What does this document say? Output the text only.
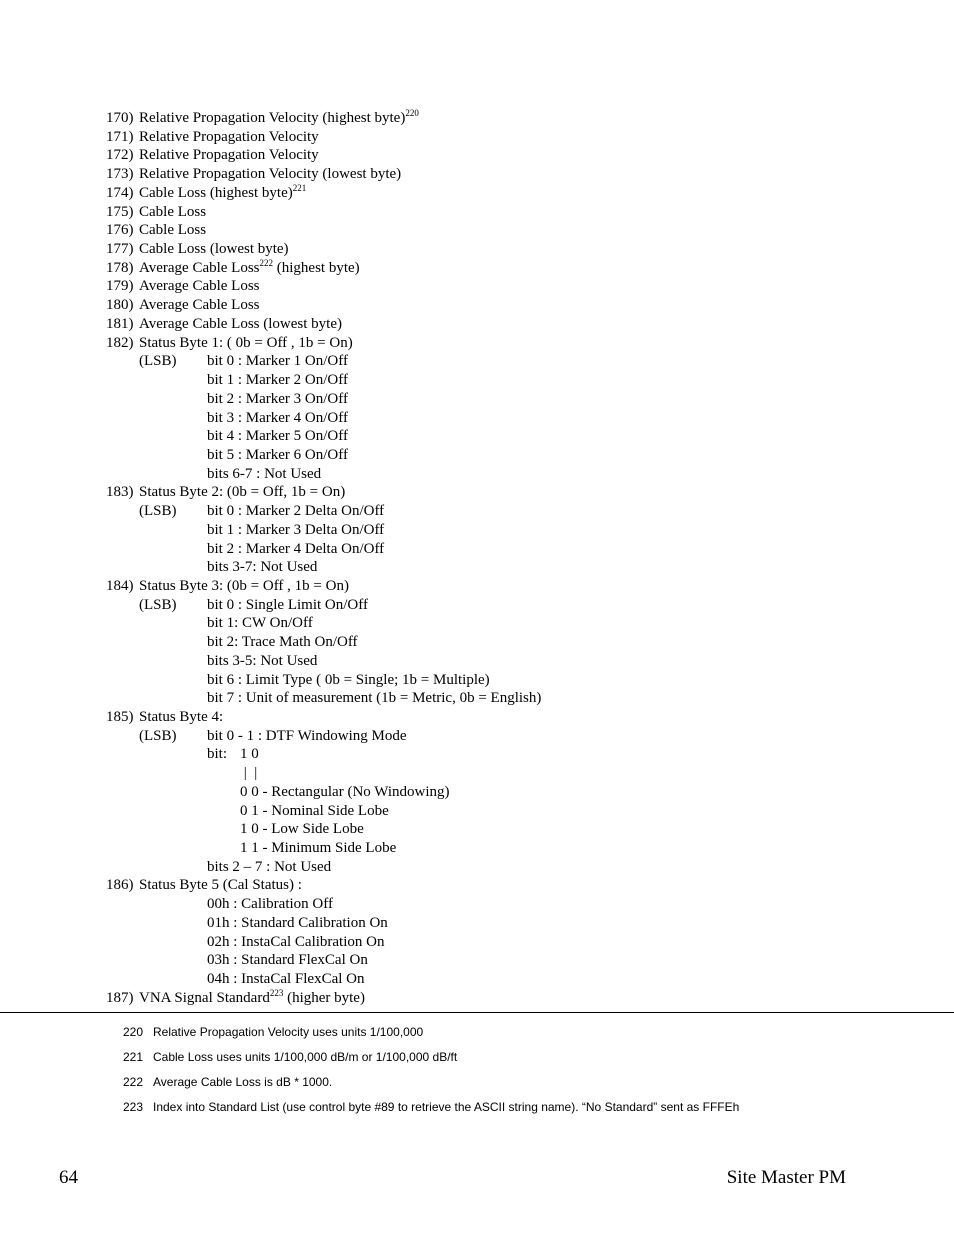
170) Relative Propagation Velocity (highest byte)$^{220}$
171) Relative Propagation Velocity
172) Relative Propagation Velocity
173) Relative Propagation Velocity (lowest byte)
174) Cable Loss (highest byte)$^{221}$
175) Cable Loss
176) Cable Loss
177) Cable Loss (lowest byte)
178) Average Cable Loss$^{222}$ (highest byte)
179) Average Cable Loss
180) Average Cable Loss
181) Average Cable Loss (lowest byte)
182) Status Byte 1: ( 0b = Off , 1b = On)
(LSB) bit 0 : Marker 1 On/Off
bit 1 : Marker 2 On/Off
bit 2 : Marker 3 On/Off
bit 3 : Marker 4 On/Off
bit 4 : Marker 5 On/Off
bit 5 : Marker 6 On/Off
bits 6-7 : Not Used
183) Status Byte 2: (0b = Off, 1b = On)
(LSB) bit 0 : Marker 2 Delta On/Off
bit 1 : Marker 3 Delta On/Off
bit 2 : Marker 4 Delta On/Off
bits 3-7: Not Used
184) Status Byte 3: (0b = Off , 1b = On)
(LSB) bit 0 : Single Limit On/Off
bit 1: CW On/Off
bit 2: Trace Math On/Off
bits 3-5: Not Used
bit 6 : Limit Type ( 0b = Single; 1b = Multiple)
bit 7 : Unit of measurement (1b = Metric, 0b = English)
185) Status Byte 4:
(LSB) bit 0 - 1 : DTF Windowing Mode
bit: 1 0
|  |
0 0 - Rectangular (No Windowing)
0 1 - Nominal Side Lobe
1 0 - Low Side Lobe
1 1 - Minimum Side Lobe
bits 2 – 7 : Not Used
186) Status Byte 5 (Cal Status) :
00h : Calibration Off
01h : Standard Calibration On
02h : InstaCal Calibration On
03h : Standard FlexCal On
04h : InstaCal FlexCal On
187) VNA Signal Standard$^{223}$ (higher byte)
220 Relative Propagation Velocity uses units 1/100,000
221 Cable Loss uses units 1/100,000 dB/m or 1/100,000 dB/ft
222 Average Cable Loss is dB * 1000.
223 Index into Standard List (use control byte #89 to retrieve the ASCII string name). “No Standard” sent as FFFEh
64	Site Master PM
